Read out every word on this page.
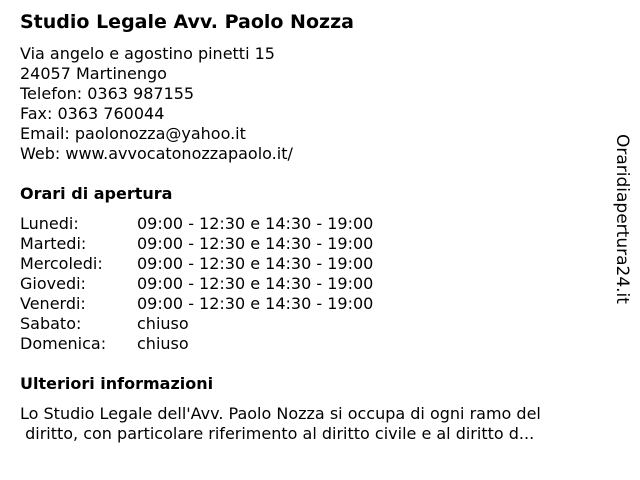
Studio Legale Avv. Paolo Nozza
Via angelo e agostino pinetti 15
24057 Martinengo
Telefon: 0363 987155
Fax: 0363 760044
Email: paolonozza@yahoo.it
Web: www.avvocatonozzapaolo.it/
Orari di apertura
Lunedi:	09:00 - 12:30 e 14:30 - 19:00
Martedi:	09:00 - 12:30 e 14:30 - 19:00
Mercoledi:	09:00 - 12:30 e 14:30 - 19:00
Giovedi:	09:00 - 12:30 e 14:30 - 19:00
Venerdi:	09:00 - 12:30 e 14:30 - 19:00
Sabato:	chiuso
Domenica:	chiuso
Ulteriori informazioni
Lo Studio Legale dell'Avv. Paolo Nozza si occupa di ogni ramo del
diritto, con particolare riferimento al diritto civile e al diritto d...
Oraridiapertura24.it
